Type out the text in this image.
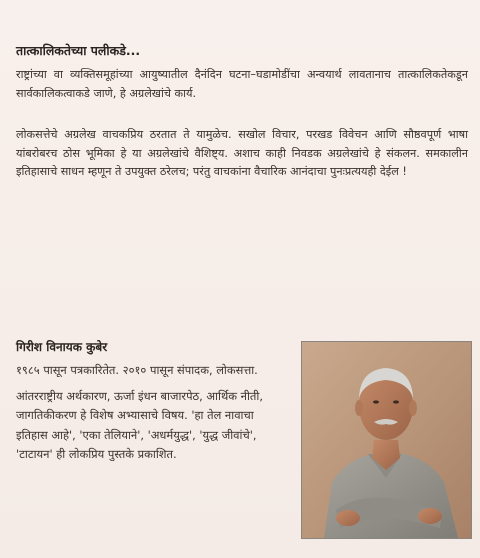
तात्कालिकतेच्या पलीकडे...

राष्ट्रांच्या वा व्यक्तिसमूहांच्या आयुष्यातील दैनंदिन घटना–घडामोडींचा अन्वयार्थ लावतानाच तात्कालिकतेकडून सार्वकालिकत्वाकडे जाणे, हे अग्रलेखांचे कार्य.

लोकसत्तेचे अग्रलेख वाचकप्रिय ठरतात ते यामुळेच. सखोल विचार, परखड विवेचन आणि सौष्ठवपूर्ण भाषा यांबरोबरच ठोस भूमिका हे या अग्रलेखांचे वैशिष्ट्य. अशाच काही निवडक अग्रलेखांचे हे संकलन. समकालीन इतिहासाचे साधन म्हणून ते उपयुक्त ठरेलच; परंतु वाचकांना वैचारिक आनंदाचा पुनःप्रत्ययही देईल !

गिरीश विनायक कुबेर

१९८५ पासून पत्रकारितेत. २०१० पासून संपादक, लोकसत्ता.

आंतरराष्ट्रीय अर्थकारण, ऊर्जा इंधन बाजारपेठ, आर्थिक नीती, जागतिकीकरण हे विशेष अभ्यासाचे विषय. 'हा तेल नावाचा इतिहास आहे', 'एका तेलियाने', 'अधर्मयुद्ध', 'युद्ध जीवांचे', 'टाटायन' ही लोकप्रिय पुस्तके प्रकाशित.
